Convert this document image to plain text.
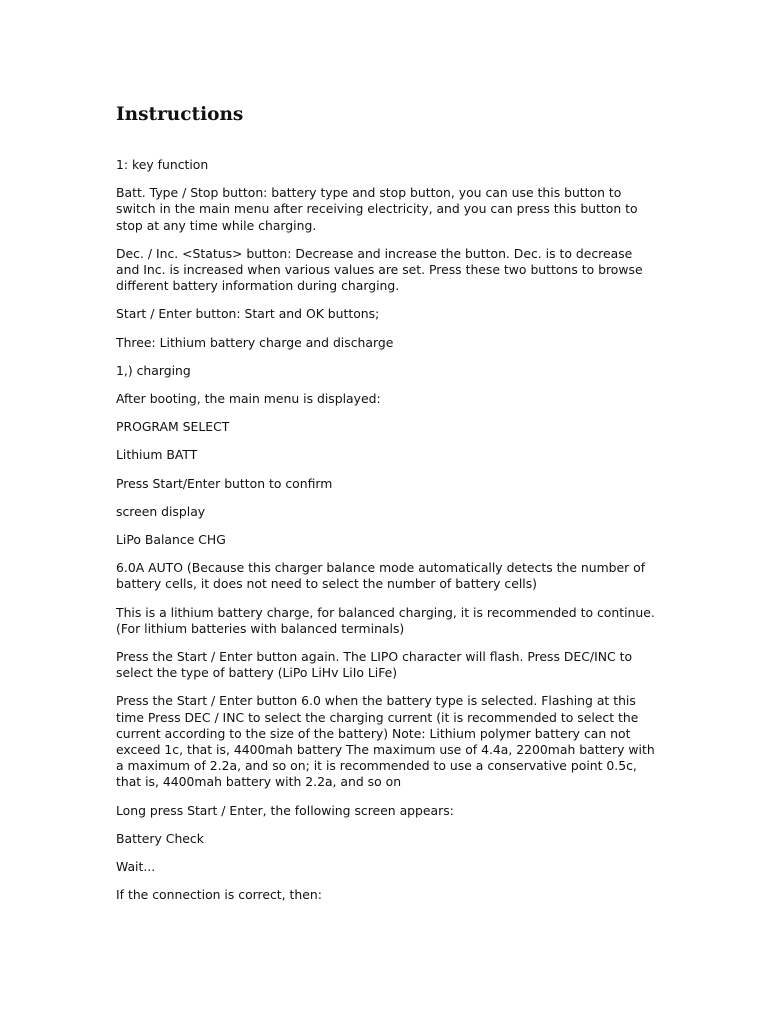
Instructions

1: key function

Batt. Type / Stop button: battery type and stop button, you can use this button to switch in the main menu after receiving electricity, and you can press this button to stop at any time while charging.

Dec. / Inc. <Status> button: Decrease and increase the button. Dec. is to decrease and Inc. is increased when various values are set. Press these two buttons to browse different battery information during charging.

Start / Enter button: Start and OK buttons;

Three: Lithium battery charge and discharge

1,) charging

After booting, the main menu is displayed:

PROGRAM SELECT

Lithium BATT

Press Start/Enter button to confirm

screen display

LiPo Balance CHG

6.0A AUTO (Because this charger balance mode automatically detects the number of battery cells, it does not need to select the number of battery cells)

This is a lithium battery charge, for balanced charging, it is recommended to continue. (For lithium batteries with balanced terminals)

Press the Start / Enter button again. The LIPO character will flash. Press DEC/INC to select the type of battery (LiPo LiHv LiIo LiFe)

Press the Start / Enter button 6.0 when the battery type is selected. Flashing at this time Press DEC / INC to select the charging current (it is recommended to select the current according to the size of the battery) Note: Lithium polymer battery can not exceed 1c, that is, 4400mah battery The maximum use of 4.4a, 2200mah battery with a maximum of 2.2a, and so on; it is recommended to use a conservative point 0.5c, that is, 4400mah battery with 2.2a, and so on

Long press Start / Enter, the following screen appears:

Battery Check

Wait...

If the connection is correct, then:
